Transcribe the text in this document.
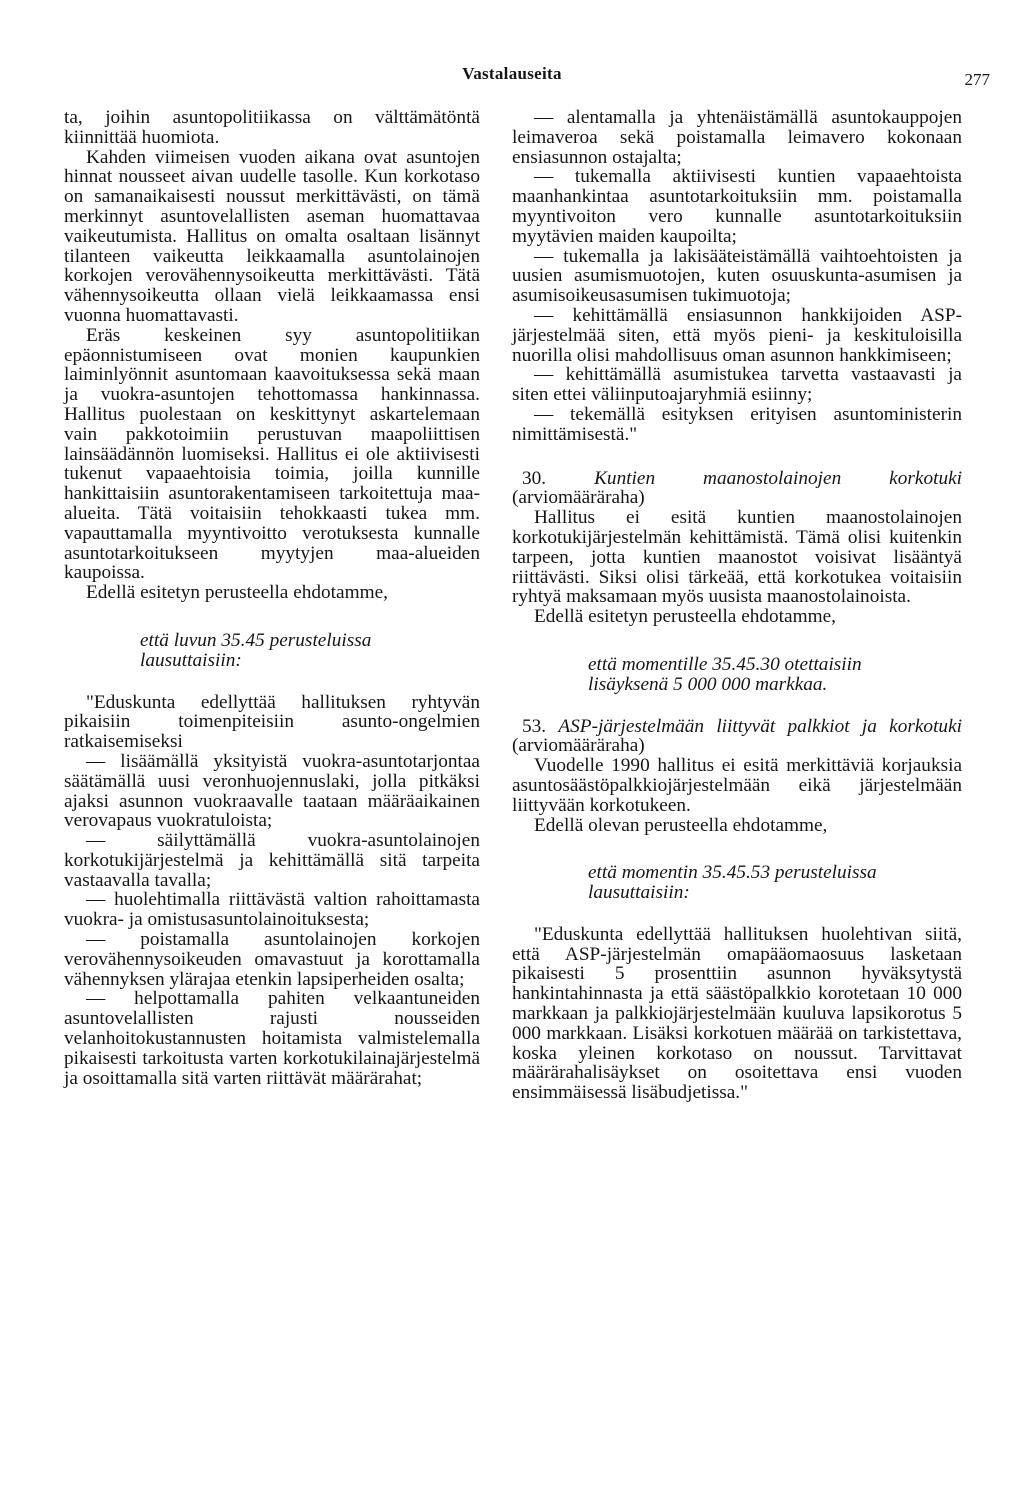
Vastalauseita	277

ta, joihin asuntopolitiikassa on välttämätöntä kiinnittää huomiota.

Kahden viimeisen vuoden aikana ovat asuntojen hinnat nousseet aivan uudelle tasolle. Kun korkotaso on samanaikaisesti noussut merkittävästi, on tämä merkinnyt asuntovelallisten aseman huomattavaa vaikeutumista. Hallitus on omalta osaltaan lisännyt tilanteen vaikeutta leikkaamalla asuntolainojen korkojen verovähennysoikeutta merkittävästi. Tätä vähennysoikeutta ollaan vielä leikkaamassa ensi vuonna huomattavasti.

Eräs keskeinen syy asuntopolitiikan epäonnistumiseen ovat monien kaupunkien laiminlyönnit asuntomaan kaavoituksessa sekä maan ja vuokra-asuntojen tehottomassa hankinnassa. Hallitus puolestaan on keskittynyt askartelemaan vain pakkotoimiin perustuvan maapoliittisen lainsäädännön luomiseksi. Hallitus ei ole aktiivisesti tukenut vapaaehtoisia toimia, joilla kunnille hankittaisiin asuntorakentamiseen tarkoitettuja maa-alueita. Tätä voitaisiin tehokkaasti tukea mm. vapauttamalla myyntivoitto verotuksesta kunnalle asuntotarkoitukseen myytyjen maa-alueiden kaupoissa.

Edellä esitetyn perusteella ehdotamme,

että luvun 35.45 perusteluissa lausuttaisiin:

"Eduskunta edellyttää hallituksen ryhtyvän pikaisiin toimenpiteisiin asunto-ongelmien ratkaisemiseksi

— lisäämällä yksityistä vuokra-asuntotarjontaa säätämällä uusi veronhuojennuslaki, jolla pitkäksi ajaksi asunnon vuokraavalle taataan määräaikainen verovapaus vuokratuloista;

— säilyttämällä vuokra-asuntolainojen korkotukijärjestelmä ja kehittämällä sitä tarpeita vastaavalla tavalla;

— huolehtimalla riittävästä valtion rahoittamasta vuokra- ja omistusasuntolainoituksesta;

— poistamalla asuntolainojen korkojen verovähennysoikeuden omavastuut ja korottamalla vähennyksen ylärajaa etenkin lapsiperheiden osalta;

— helpottamalla pahiten velkaantuneiden asuntovelallisten rajusti nousseiden velanhoitokustannusten hoitamista valmistelemalla pikaisesti tarkoitusta varten korkotukilainajärjestelmä ja osoittamalla sitä varten riittävät määrärahat;

— alentamalla ja yhtenäistämällä asuntokauppojen leimaveroa sekä poistamalla leimavero kokonaan ensiasunnon ostajalta;

— tukemalla aktiivisesti kuntien vapaaehtoista maanhankintaa asuntotarkoituksiin mm. poistamalla myyntivoiton vero kunnalle asuntotarkoituksiin myytävien maiden kaupoilta;

— tukemalla ja lakisääteistämällä vaihtoehtoisten ja uusien asumismuotojen, kuten osuuskunta-asumisen ja asumisoikeusasumisen tukimuotoja;

— kehittämällä ensiasunnon hankkijoiden ASP-järjestelmää siten, että myös pieni- ja keskituloisilla nuorilla olisi mahdollisuus oman asunnon hankkimiseen;

— kehittämällä asumistukea tarvetta vastaavasti ja siten ettei väliinputoajaryhmiä esiinny;

— tekemällä esityksen erityisen asuntoministerin nimittämisestä."

30. Kuntien maanostolainojen korkotuki (arviomääräraha)

Hallitus ei esitä kuntien maanostolainojen korkotukijärjestelmän kehittämistä. Tämä olisi kuitenkin tarpeen, jotta kuntien maanostot voisivat lisääntyä riittävästi. Siksi olisi tärkeää, että korkotukea voitaisiin ryhtyä maksamaan myös uusista maanostolainoista.

Edellä esitetyn perusteella ehdotamme,

että momentille 35.45.30 otettaisiin lisäyksenä 5 000 000 markkaa.

53. ASP-järjestelmään liittyvät palkkiot ja korkotuki (arviomääräraha)

Vuodelle 1990 hallitus ei esitä merkittäviä korjauksia asuntosäästöpalkkiojärjestelmään eikä järjestelmään liittyvään korkotukeen.

Edellä olevan perusteella ehdotamme,

että momentin 35.45.53 perusteluissa lausuttaisiin:

"Eduskunta edellyttää hallituksen huolehtivan siitä, että ASP-järjestelmän omapääomaosuus lasketaan pikaisesti 5 prosenttiin asunnon hyväksytystä hankintahinnasta ja että säästöpalkkio korotetaan 10 000 markkaan ja palkkiojärjestelmään kuuluva lapsikorotus 5 000 markkaan. Lisäksi korkotuen määrää on tarkistettava, koska yleinen korkotaso on noussut. Tarvittavat määrärahalisäykset on osoitettava ensi vuoden ensimmäisessä lisäbudjetissa."
